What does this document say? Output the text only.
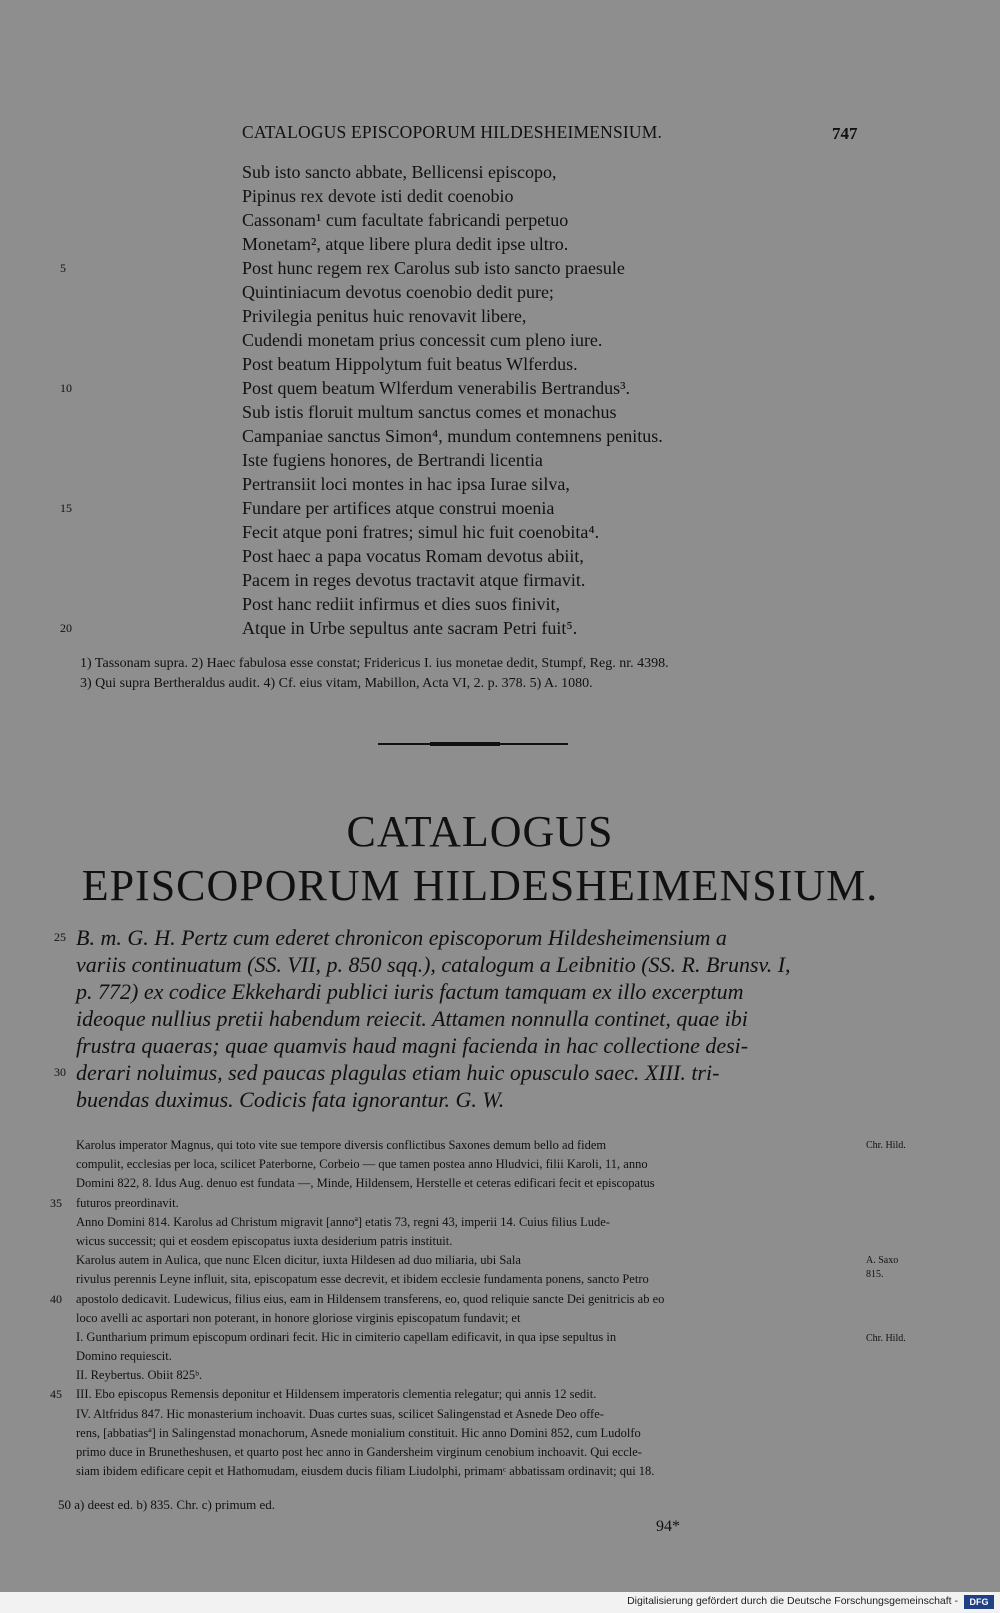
CATALOGUS EPISCOPORUM HILDESHEIMENSIUM.	747
Sub isto sancto abbate, Bellicensi episcopo,
Pipinus rex devote isti dedit coenobio
Cassonam¹ cum facultate fabricandi perpetuo
Monetam², atque libere plura dedit ipse ultro.
5	Post hunc regem rex Carolus sub isto sancto praesule
Quintiniacum devotus coenobio dedit pure;
Privilegia penitus huic renovavit libere,
Cudendi monetam prius concessit cum pleno iure.
Post beatum Hippolytum fuit beatus Wlferdus.
10	Post quem beatum Wlferdum venerabilis Bertrandus³.
Sub istis floruit multum sanctus comes et monachus
Campaniae sanctus Simon⁴, mundum contemnens penitus.
Iste fugiens honores, de Bertrandi licentia
Pertransiit loci montes in hac ipsa Iurae silva,
15	Fundare per artifices atque construi moenia
Fecit atque poni fratres; simul hic fuit coenobita⁴.
Post haec a papa vocatus Romam devotus abiit,
Pacem in reges devotus tractavit atque firmavit.
Post hanc rediit infirmus et dies suos finivit,
20	Atque in Urbe sepultus ante sacram Petri fuit⁵.
1) Tassonam supra. 2) Haec fabulosa esse constat; Fridericus I. ius monetae dedit, Stumpf, Reg. nr. 4398.
3) Qui supra Bertheraldus audit. 4) Cf. eius vitam, Mabillon, Acta VI, 2. p. 378. 5) A. 1080.
CATALOGUS
EPISCOPORUM HILDESHEIMENSIUM.
25 B. m. G. H. Pertz cum ederet chronicon episcoporum Hildesheimensium a
variis continuatum (SS. VII, p. 850 sqq.), catalogum a Leibnitio (SS. R. Brunsv. I,
p. 772) ex codice Ekkehardi publici iuris factum tamquam ex illo excerptum
ideoque nullius pretii habendum reiecit. Attamen nonnulla continet, quae ibi
frustra quaeras; quae quamvis haud magni facienda in hac collectione desi-
30 derari noluimus, sed paucas plagulas etiam huic opusculo saec. XIII. tri-
buendas duximus. Codicis fata ignorantur. G. W.
Karolus imperator Magnus, qui toto vite sue tempore diversis conflictibus Saxones demum bello ad fidem
compulit, ecclesias per loca, scilicet Paterborne, Corbeio — que tamen postea anno Hludvici, filii Karoli, 11, anno
Domini 822, 8. Idus Aug. denuo est fundata —, Minde, Hildensem, Herstelle et ceteras edificari fecit et episcopatus
35 futuros preordinavit.
Anno Domini 814. Karolus ad Christum migravit [annoª] etatis 73, regni 43, imperii 14. Cuius filius Lude-
wicus successit; qui et eosdem episcopatus iuxta desiderium patris instituit.
Karolus autem in Aulica, que nunc Elcen dicitur, iuxta Hildesen ad duo miliaria, ubi Sala
rivulus perennis Leyne influit, sita, episcopatum esse decrevit, et ibidem ecclesie fundamenta ponens, sancto Petro
40 apostolo dedicavit. Ludewicus, filius eius, eam in Hildensem transferens, eo, quod reliquie sancte Dei genitricis ab eo
loco avelli ac asportari non poterant, in honore gloriose virginis episcopatum fundavit; et
I. Guntharium primum episcopum ordinari fecit. Hic in cimiterio capellam edificavit, in qua ipse sepultus in
Domino requiescit.
II. Reybertus. Obiit 825ᵇ.
45 III. Ebo episcopus Remensis deponitur et Hildensem imperatoris clementia relegatur; qui annis 12 sedit.
IV. Altfridus 847. Hic monasterium inchoavit. Duas curtes suas, scilicet Salingenstad et Asnede Deo offe-
rens, [abbatiasª] in Salingenstad monachorum, Asnede monialium constituit. Hic anno Domini 852, cum Ludolfo
primo duce in Brunetheshusen, et quarto post hec anno in Gandersheim virginum cenobium inchoavit. Qui eccle-
siam ibidem edificare cepit et Hathomudam, eiusdem ducis filiam Liudolphi, primamᶜ abbatissam ordinavit; qui 18.
Chr. Hild.
A. Saxo
815.
Chr. Hild.
50 a) deest ed. b) 835. Chr. c) primum ed.
94*
Digitalisierung gefördert durch die Deutsche Forschungsgemeinschaft -	DFG
